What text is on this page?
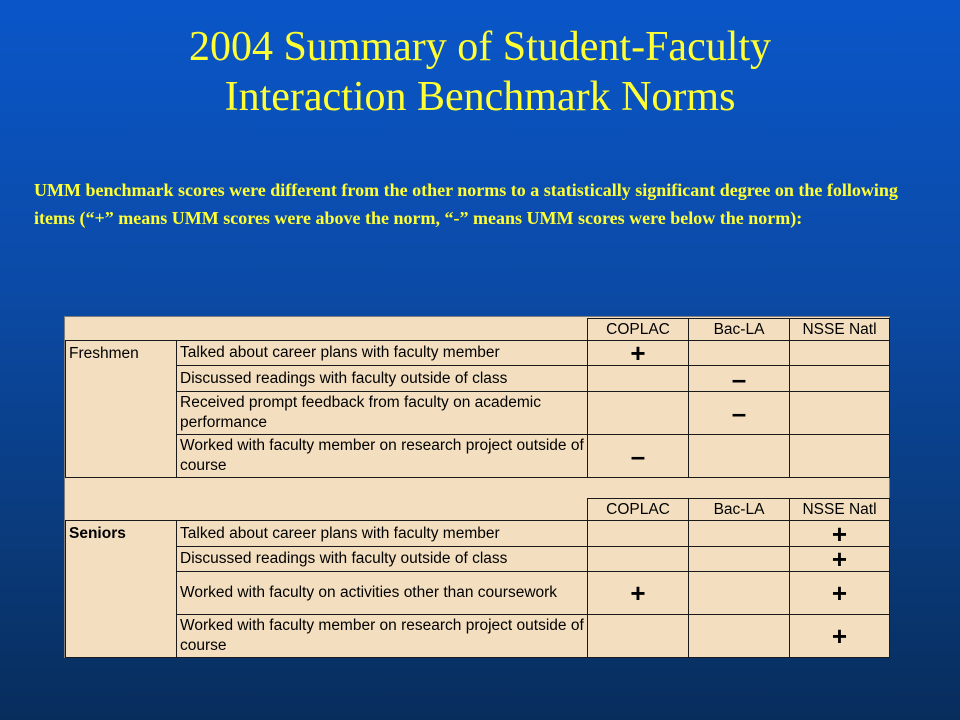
2004 Summary of Student-Faculty
Interaction Benchmark Norms
UMM benchmark scores were different from the other norms to a statistically significant degree on the following items (“+” means UMM scores were above the norm, “-” means UMM scores were below the norm):
		COPLAC	Bac-LA	NSSE Natl
Freshmen	Talked about career plans with faculty member	+		
	Discussed readings with faculty outside of class		–	
	Received prompt feedback from faculty on academic performance		–	
	Worked with faculty member on research project outside of course	–		
		COPLAC	Bac-LA	NSSE Natl
Seniors	Talked about career plans with faculty member			+
	Discussed readings with faculty outside of class			+
	Worked with faculty on activities other than coursework	+		+
	Worked with faculty member on research project outside of course			+
